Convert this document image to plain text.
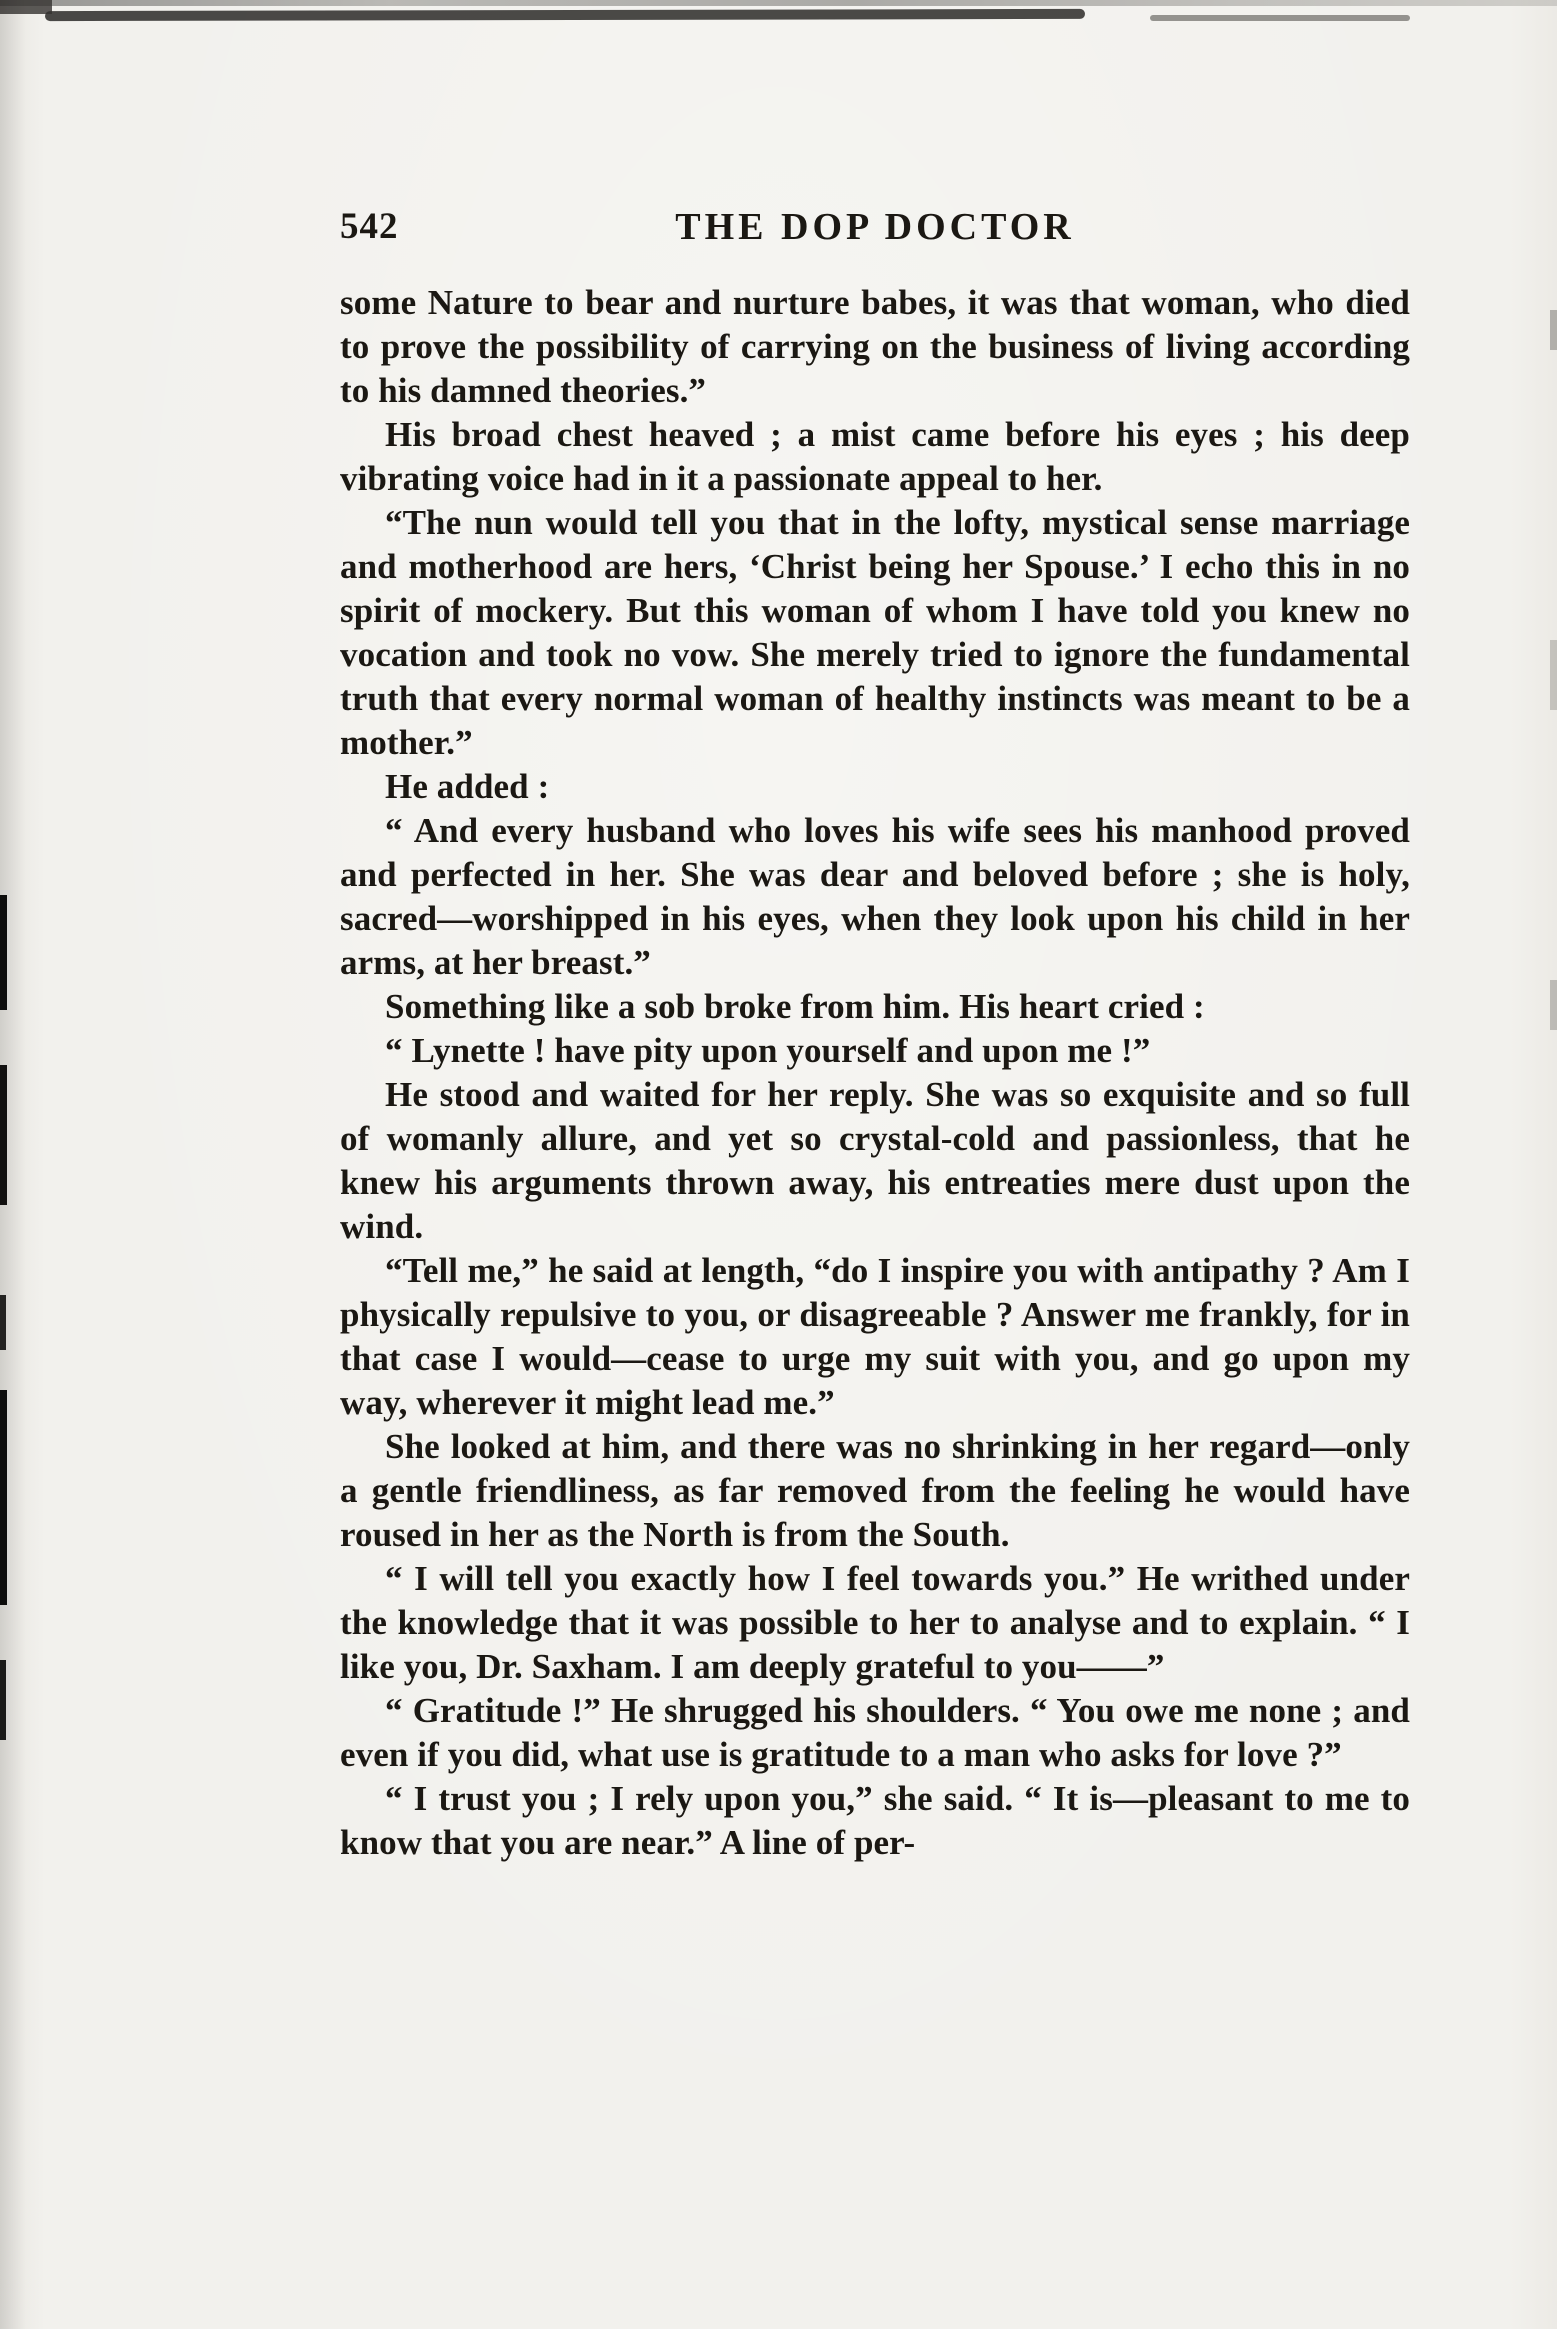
542	THE DOP DOCTOR

some Nature to bear and nurture babes, it was that woman, who died to prove the possibility of carrying on the business of living according to his damned theories.”

His broad chest heaved ; a mist came before his eyes ; his deep vibrating voice had in it a passionate appeal to her.

“The nun would tell you that in the lofty, mystical sense marriage and motherhood are hers, ‘Christ being her Spouse.’ I echo this in no spirit of mockery. But this woman of whom I have told you knew no vocation and took no vow. She merely tried to ignore the fundamental truth that every normal woman of healthy instincts was meant to be a mother.”

He added :

“ And every husband who loves his wife sees his manhood proved and perfected in her. She was dear and beloved before ; she is holy, sacred—worshipped in his eyes, when they look upon his child in her arms, at her breast.”

Something like a sob broke from him. His heart cried :

“ Lynette ! have pity upon yourself and upon me !”

He stood and waited for her reply. She was so exquisite and so full of womanly allure, and yet so crystal-cold and passionless, that he knew his arguments thrown away, his entreaties mere dust upon the wind.

“Tell me,” he said at length, “do I inspire you with antipathy ? Am I physically repulsive to you, or disagreeable ? Answer me frankly, for in that case I would—cease to urge my suit with you, and go upon my way, wherever it might lead me.”

She looked at him, and there was no shrinking in her regard—only a gentle friendliness, as far removed from the feeling he would have roused in her as the North is from the South.

“ I will tell you exactly how I feel towards you.” He writhed under the knowledge that it was possible to her to analyse and to explain. “ I like you, Dr. Saxham. I am deeply grateful to you——”

“ Gratitude !” He shrugged his shoulders. “ You owe me none ; and even if you did, what use is gratitude to a man who asks for love ?”

“ I trust you ; I rely upon you,” she said. “ It is—pleasant to me to know that you are near.” A line of per-
